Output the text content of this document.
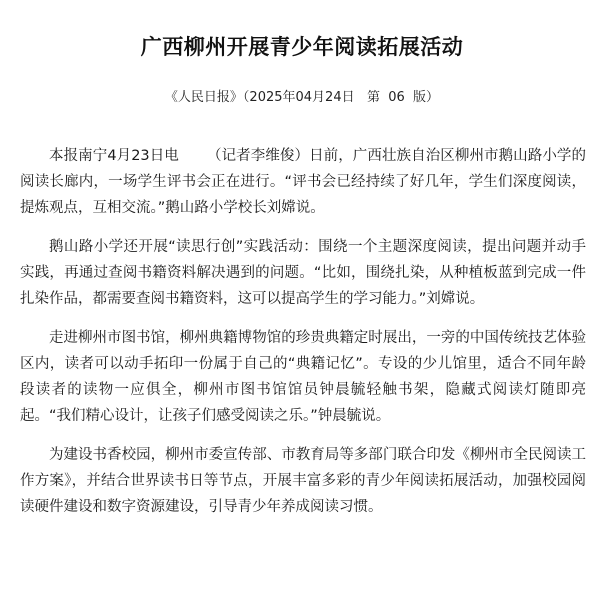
广西柳州开展青少年阅读拓展活动
《人民日报》（2025年04月24日   第  06  版）

本报南宁4月23日电      （记者李维俊）日前，广西壮族自治区柳州市鹅山路小学的阅读长廊内，一场学生评书会正在进行。“评书会已经持续了好几年，学生们深度阅读，提炼观点，互相交流。”鹅山路小学校长刘嫦说。

鹅山路小学还开展“读思行创”实践活动：围绕一个主题深度阅读，提出问题并动手实践，再通过查阅书籍资料解决遇到的问题。“比如，围绕扎染，从种植板蓝到完成一件扎染作品，都需要查阅书籍资料，这可以提高学生的学习能力。”刘嫦说。

走进柳州市图书馆，柳州典籍博物馆的珍贵典籍定时展出，一旁的中国传统技艺体验区内，读者可以动手拓印一份属于自己的“典籍记忆”。专设的少儿馆里，适合不同年龄段读者的读物一应俱全，柳州市图书馆馆员钟晨毓轻触书架，隐藏式阅读灯随即亮起。“我们精心设计，让孩子们感受阅读之乐。”钟晨毓说。

为建设书香校园，柳州市委宣传部、市教育局等多部门联合印发《柳州市全民阅读工作方案》，并结合世界读书日等节点，开展丰富多彩的青少年阅读拓展活动，加强校园阅读硬件建设和数字资源建设，引导青少年养成阅读习惯。
